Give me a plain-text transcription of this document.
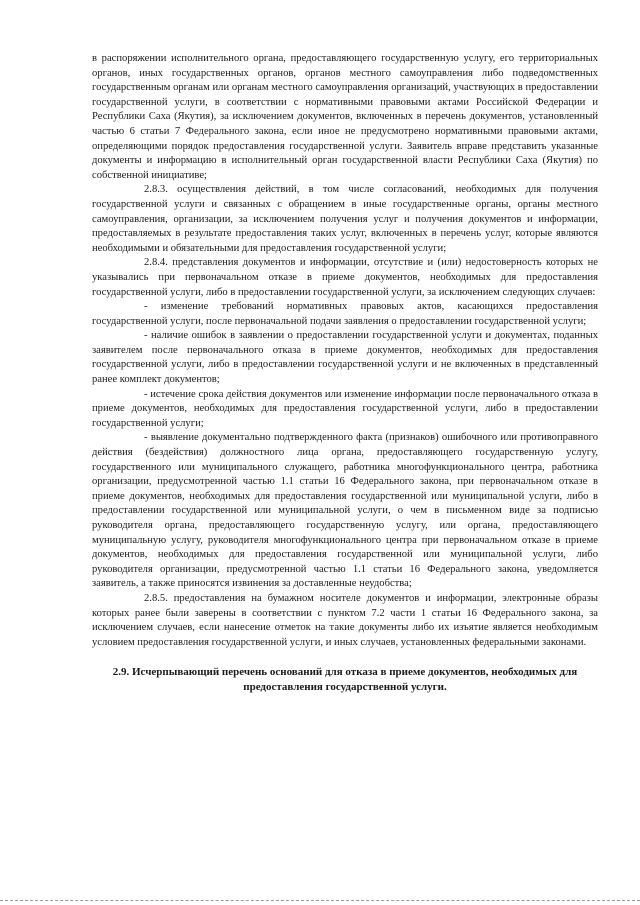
в распоряжении исполнительного органа, предоставляющего государственную услугу, его территориальных органов, иных государственных органов, органов местного самоуправления либо подведомственных государственным органам или органам местного самоуправления организаций, участвующих в предоставлении государственной услуги, в соответствии с нормативными правовыми актами Российской Федерации и Республики Саха (Якутия), за исключением документов, включенных в перечень документов, установленный частью 6 статьи 7 Федерального закона, если иное не предусмотрено нормативными правовыми актами, определяющими порядок предоставления государственной услуги. Заявитель вправе представить указанные документы и информацию в исполнительный орган государственной власти Республики Саха (Якутия) по собственной инициативе;

2.8.3. осуществления действий, в том числе согласований, необходимых для получения государственной услуги и связанных с обращением в иные государственные органы, органы местного самоуправления, организации, за исключением получения услуг и получения документов и информации, предоставляемых в результате предоставления таких услуг, включенных в перечень услуг, которые являются необходимыми и обязательными для предоставления государственной услуги;

2.8.4. представления документов и информации, отсутствие и (или) недостоверность которых не указывались при первоначальном отказе в приеме документов, необходимых для предоставления государственной услуги, либо в предоставлении государственной услуги, за исключением следующих случаев:

- изменение требований нормативных правовых актов, касающихся предоставления государственной услуги, после первоначальной подачи заявления о предоставлении государственной услуги;

- наличие ошибок в заявлении о предоставлении государственной услуги и документах, поданных заявителем после первоначального отказа в приеме документов, необходимых для предоставления государственной услуги, либо в предоставлении государственной услуги и не включенных в представленный ранее комплект документов;

- истечение срока действия документов или изменение информации после первоначального отказа в приеме документов, необходимых для предоставления государственной услуги, либо в предоставлении государственной услуги;

- выявление документально подтвержденного факта (признаков) ошибочного или противоправного действия (бездействия) должностного лица органа, предоставляющего государственную услугу, государственного или муниципального служащего, работника многофункционального центра, работника организации, предусмотренной частью 1.1 статьи 16 Федерального закона, при первоначальном отказе в приеме документов, необходимых для предоставления государственной или муниципальной услуги, либо в предоставлении государственной или муниципальной услуги, о чем в письменном виде за подписью руководителя органа, предоставляющего государственную услугу, или органа, предоставляющего муниципальную услугу, руководителя многофункционального центра при первоначальном отказе в приеме документов, необходимых для предоставления государственной или муниципальной услуги, либо руководителя организации, предусмотренной частью 1.1 статьи 16 Федерального закона, уведомляется заявитель, а также приносятся извинения за доставленные неудобства;

2.8.5. предоставления на бумажном носителе документов и информации, электронные образы которых ранее были заверены в соответствии с пунктом 7.2 части 1 статьи 16 Федерального закона, за исключением случаев, если нанесение отметок на такие документы либо их изъятие является необходимым условием предоставления государственной услуги, и иных случаев, установленных федеральными законами.

2.9. Исчерпывающий перечень оснований для отказа в приеме документов, необходимых для предоставления государственной услуги.
